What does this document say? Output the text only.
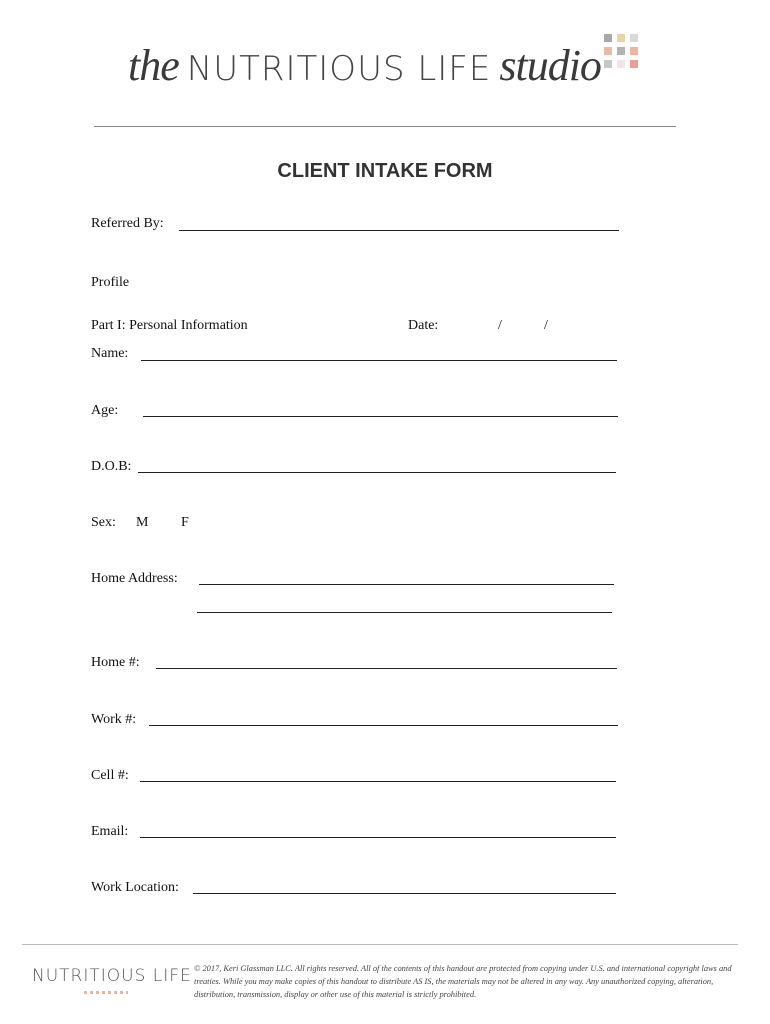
the NUTRITIOUS LIFE studio
CLIENT INTAKE FORM
Referred By:
Profile
Part I: Personal Information	Date:	/	/
Name:
Age:
D.O.B:
Sex: M F
Home Address:
Home #:
Work #:
Cell #:
Email:
Work Location:
NUTRITIOUS LIFE © 2017, Keri Glassman LLC. All rights reserved. All of the contents of this handout are protected from copying under U.S. and international copyright laws and treaties. While you may make copies of this handout to distribute AS IS, the materials may not be altered in any way. Any unauthorized copying, alteration, distribution, transmission, display or other use of this material is strictly prohibited.
